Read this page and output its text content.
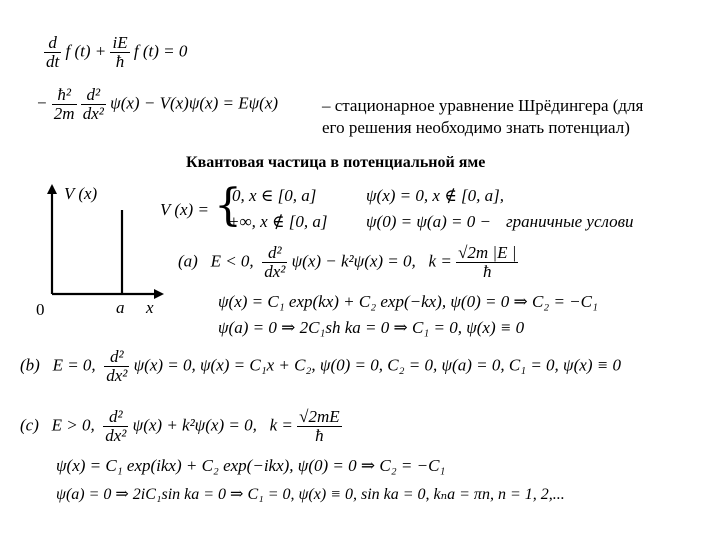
$\frac{d}{dt}$ f $(t) + \frac{iE}{ħ}$ f (t) = 0
− $\frac{\text{ħ²}}{2m}$
$\frac{\text{d²}}{\text{dx²}} \psi(x) - V(x)\psi(x) = E\psi(x)$	– стационарное уравнение Шрёдингера (для
его решения необходимо знать потенциал)
Квантовая частица в потенциальной яме
V (x)
0	a x
V (x) = {
0, x ∈ [0, a]
+∞, x ∉ [0, a]
ψ(x) = 0, x ∉ [0, a],
ψ(0) = ψ(a) = 0 − граничные услови
(a) E < 0, $\frac{\text{d²}}{\text{dx²}} \psi(x) - k^2\psi(x) = 0$, $k = \frac{√2m |E |}{ħ}$
ψ(x) = C₁ exp(kx) + C₂ exp(−kx), ψ(0) = 0 ⇒ C₂ = −C₁
ψ(a) = 0 ⇒ 2C₁sh ka = 0 ⇒ C₁ = 0, ψ(x) ≡ 0
(b) E = 0, $\frac{\text{d²}}{\text{dx²}} \psi(x) = 0$, ψ(x) = C₁x + C₂, ψ(0) = 0, C₂ = 0, ψ(a) = 0, C₁ = 0, ψ(x) ≡ 0
(c) E > 0, $\frac{\text{d²}}{\text{dx²}} \psi(x) + k^2\psi(x) = 0$, $k = \frac{√2mE}{ħ}$
ψ(x) = C₁ exp(ikx) + C₂ exp(−ikx), ψ(0) = 0 ⇒ C₂ = −C₁
ψ(a) = 0 ⇒ 2iC₁sin ka = 0 ⇒ C₁ = 0, ψ(x) ≡ 0, sin ka = 0, kₙa = πn, n = 1, 2,...
